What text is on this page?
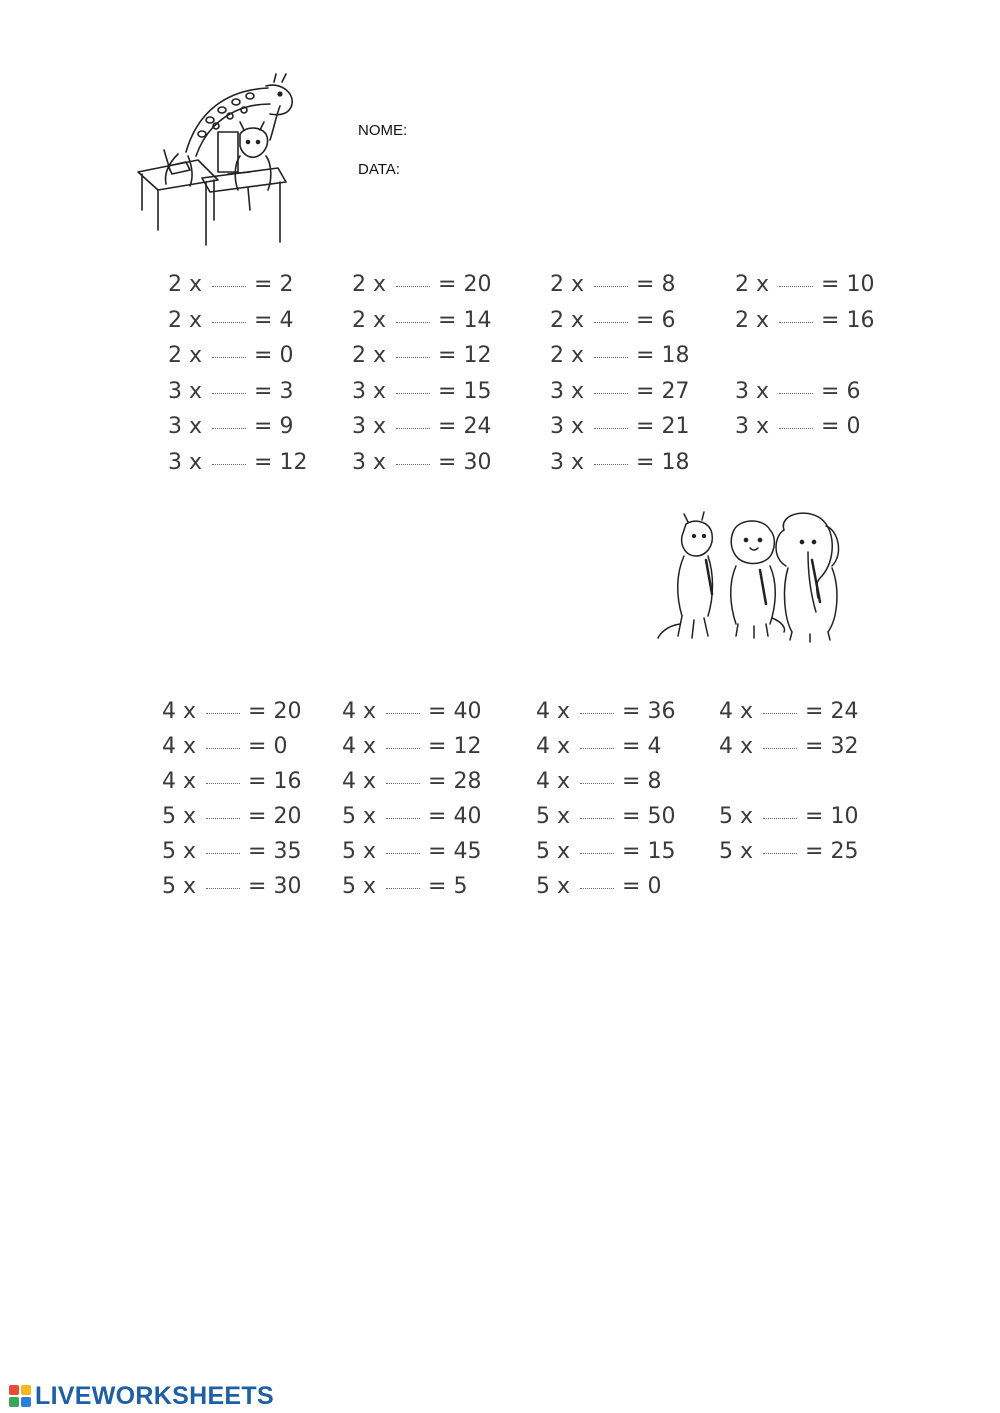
NOME:
DATA:
2 x = 2	2 x = 20	2 x = 8	2 x = 10
2 x = 4	2 x = 14	2 x = 6	2 x = 16
2 x = 0	2 x = 12	2 x = 18
3 x = 3	3 x = 15	3 x = 27 3 x = 6
3 x = 9	3 x = 24	3 x = 21 3 x = 0
3 x = 12 3 x = 30	3 x = 18
4 x = 20 4 x = 40 4 x = 36 4 x = 24
4 x = 0 4 x = 12 4 x = 4	4 x = 32
4 x = 16 4 x = 28 4 x = 8
5 x = 20 5 x = 40 5 x = 50 5 x = 10
5 x = 35 5 x = 45 5 x = 15 5 x = 25
5 x = 30 5 x = 5	5 x = 0
LIVEWORKSHEETS
